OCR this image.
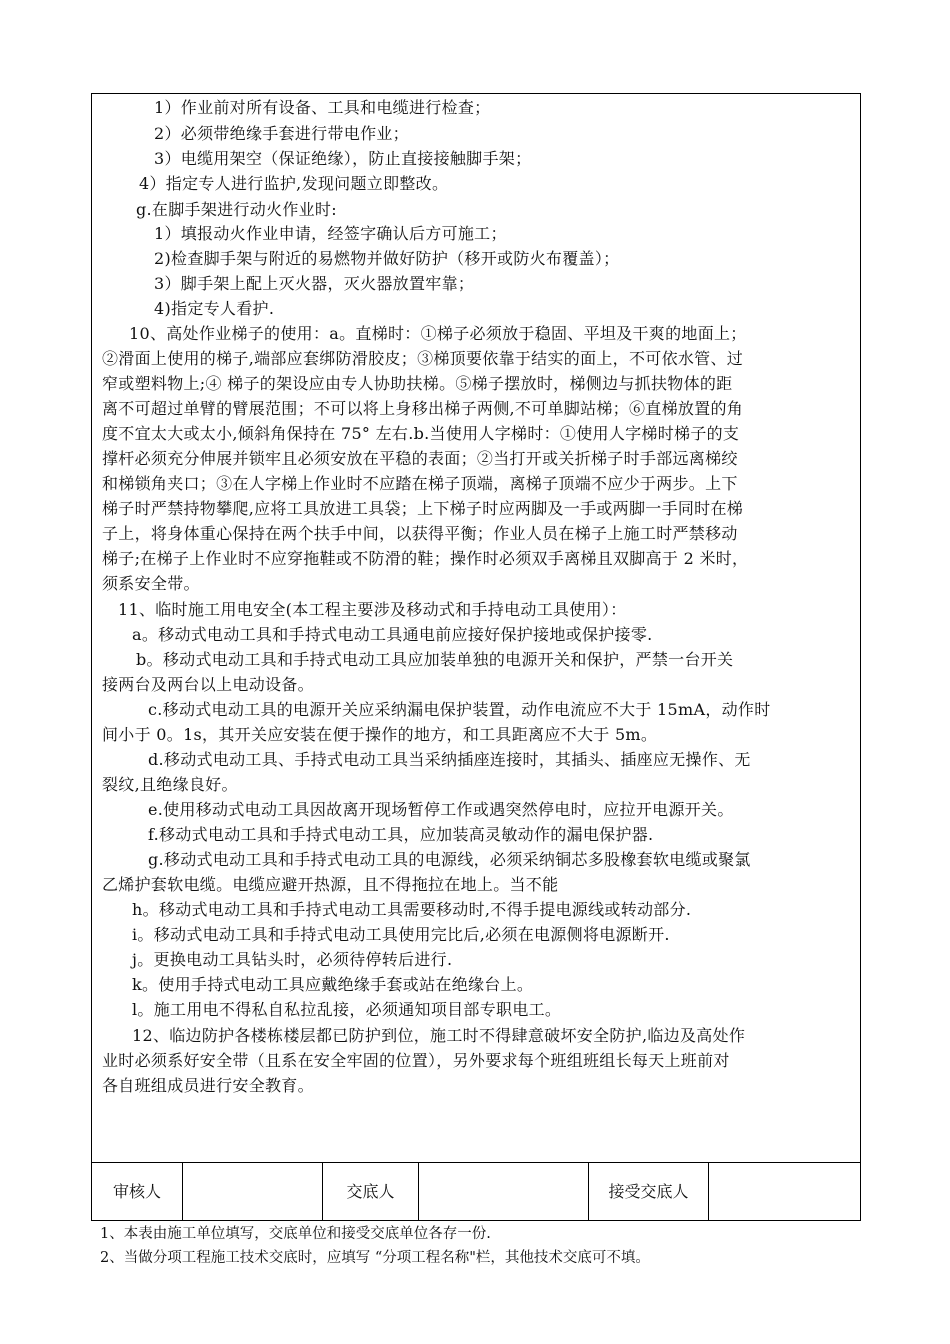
1）作业前对所有设备、工具和电缆进行检查；
2）必须带绝缘手套进行带电作业；
3）电缆用架空（保证绝缘），防止直接接触脚手架；
4）指定专人进行监护,发现问题立即整改。
g.在脚手架进行动火作业时:
1）填报动火作业申请，经签字确认后方可施工；
2)检查脚手架与附近的易燃物并做好防护（移开或防火布覆盖）；
3）脚手架上配上灭火器，灭火器放置牢靠；
4)指定专人看护.
10、高处作业梯子的使用：a。直梯时：①梯子必须放于稳固、平坦及干爽的地面上；
②滑面上使用的梯子,端部应套绑防滑胶皮；③梯顶要依靠于结实的面上，不可依水管、过
窄或塑料物上;④ 梯子的架设应由专人协助扶梯。⑤梯子摆放时，梯侧边与抓扶物体的距
离不可超过单臂的臂展范围；不可以将上身移出梯子两侧,不可单脚站梯；⑥直梯放置的角
度不宜太大或太小,倾斜角保持在 75° 左右.b.当使用人字梯时：①使用人字梯时梯子的支
撑杆必须充分伸展并锁牢且必须安放在平稳的表面；②当打开或关折梯子时手部远离梯绞
和梯锁角夹口；③在人字梯上作业时不应踏在梯子顶端，离梯子顶端不应少于两步。上下
梯子时严禁持物攀爬,应将工具放进工具袋；上下梯子时应两脚及一手或两脚一手同时在梯
子上，将身体重心保持在两个扶手中间，以获得平衡；作业人员在梯子上施工时严禁移动
梯子;在梯子上作业时不应穿拖鞋或不防滑的鞋；操作时必须双手离梯且双脚高于 2 米时，
须系安全带。
11、临时施工用电安全(本工程主要涉及移动式和手持电动工具使用）：
a。移动式电动工具和手持式电动工具通电前应接好保护接地或保护接零.
b。移动式电动工具和手持式电动工具应加装单独的电源开关和保护，严禁一台开关
接两台及两台以上电动设备。
c.移动式电动工具的电源开关应采纳漏电保护装置，动作电流应不大于 15mA，动作时
间小于 0。1s，其开关应安装在便于操作的地方，和工具距离应不大于 5m。
d.移动式电动工具、手持式电动工具当采纳插座连接时，其插头、插座应无操作、无
裂纹,且绝缘良好。
e.使用移动式电动工具因故离开现场暂停工作或遇突然停电时，应拉开电源开关。
f.移动式电动工具和手持式电动工具，应加装高灵敏动作的漏电保护器.
g.移动式电动工具和手持式电动工具的电源线，必须采纳铜芯多股橡套软电缆或聚氯
乙烯护套软电缆。电缆应避开热源，且不得拖拉在地上。当不能
h。移动式电动工具和手持式电动工具需要移动时,不得手提电源线或转动部分.
i。移动式电动工具和手持式电动工具使用完比后,必须在电源侧将电源断开.
j。更换电动工具钻头时，必须待停转后进行.
k。使用手持式电动工具应戴绝缘手套或站在绝缘台上。
l。施工用电不得私自私拉乱接，必须通知项目部专职电工。
12、临边防护各楼栋楼层都已防护到位，施工时不得肆意破坏安全防护,临边及高处作
业时必须系好安全带（且系在安全牢固的位置），另外要求每个班组班组长每天上班前对
各自班组成员进行安全教育。
审核人	交底人	接受交底人
1、本表由施工单位填写，交底单位和接受交底单位各存一份.
2、当做分项工程施工技术交底时，应填写 “分项工程名称"栏，其他技术交底可不填。
